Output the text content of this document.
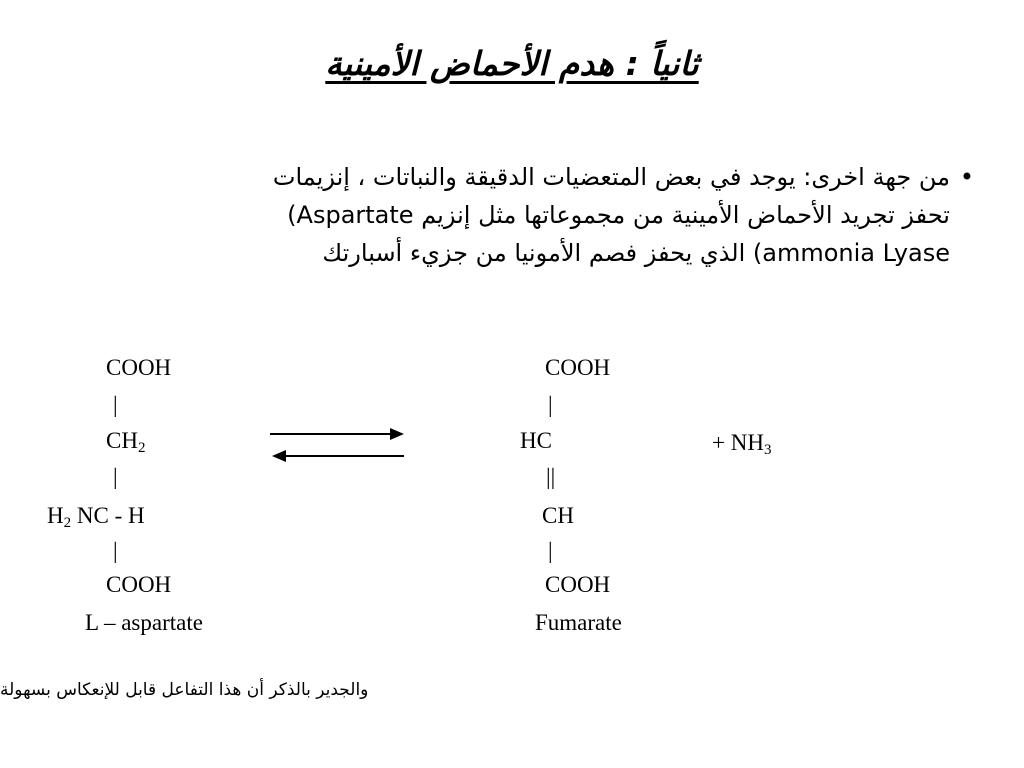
ثانياً : هدم الأحماض الأمينية
•
من جهة اخرى: يوجد في بعض المتعضيات الدقيقة والنباتات ، إنزيمات
تحفز تجريد الأحماض الأمينية من مجموعاتها مثل إنزيم Aspartate)
ammonia Lyase) الذي يحفز فصم الأمونيا من جزيء أسبارتك
COOH
|
$CH_2$
|
$H_2$ NC - H
|
COOH
L – aspartate
COOH
|
HC
||
CH
|
COOH
Fumarate
+ $NH_3$
والجدير بالذكر أن هذا التفاعل قابل للإنعكاس بسهولة
